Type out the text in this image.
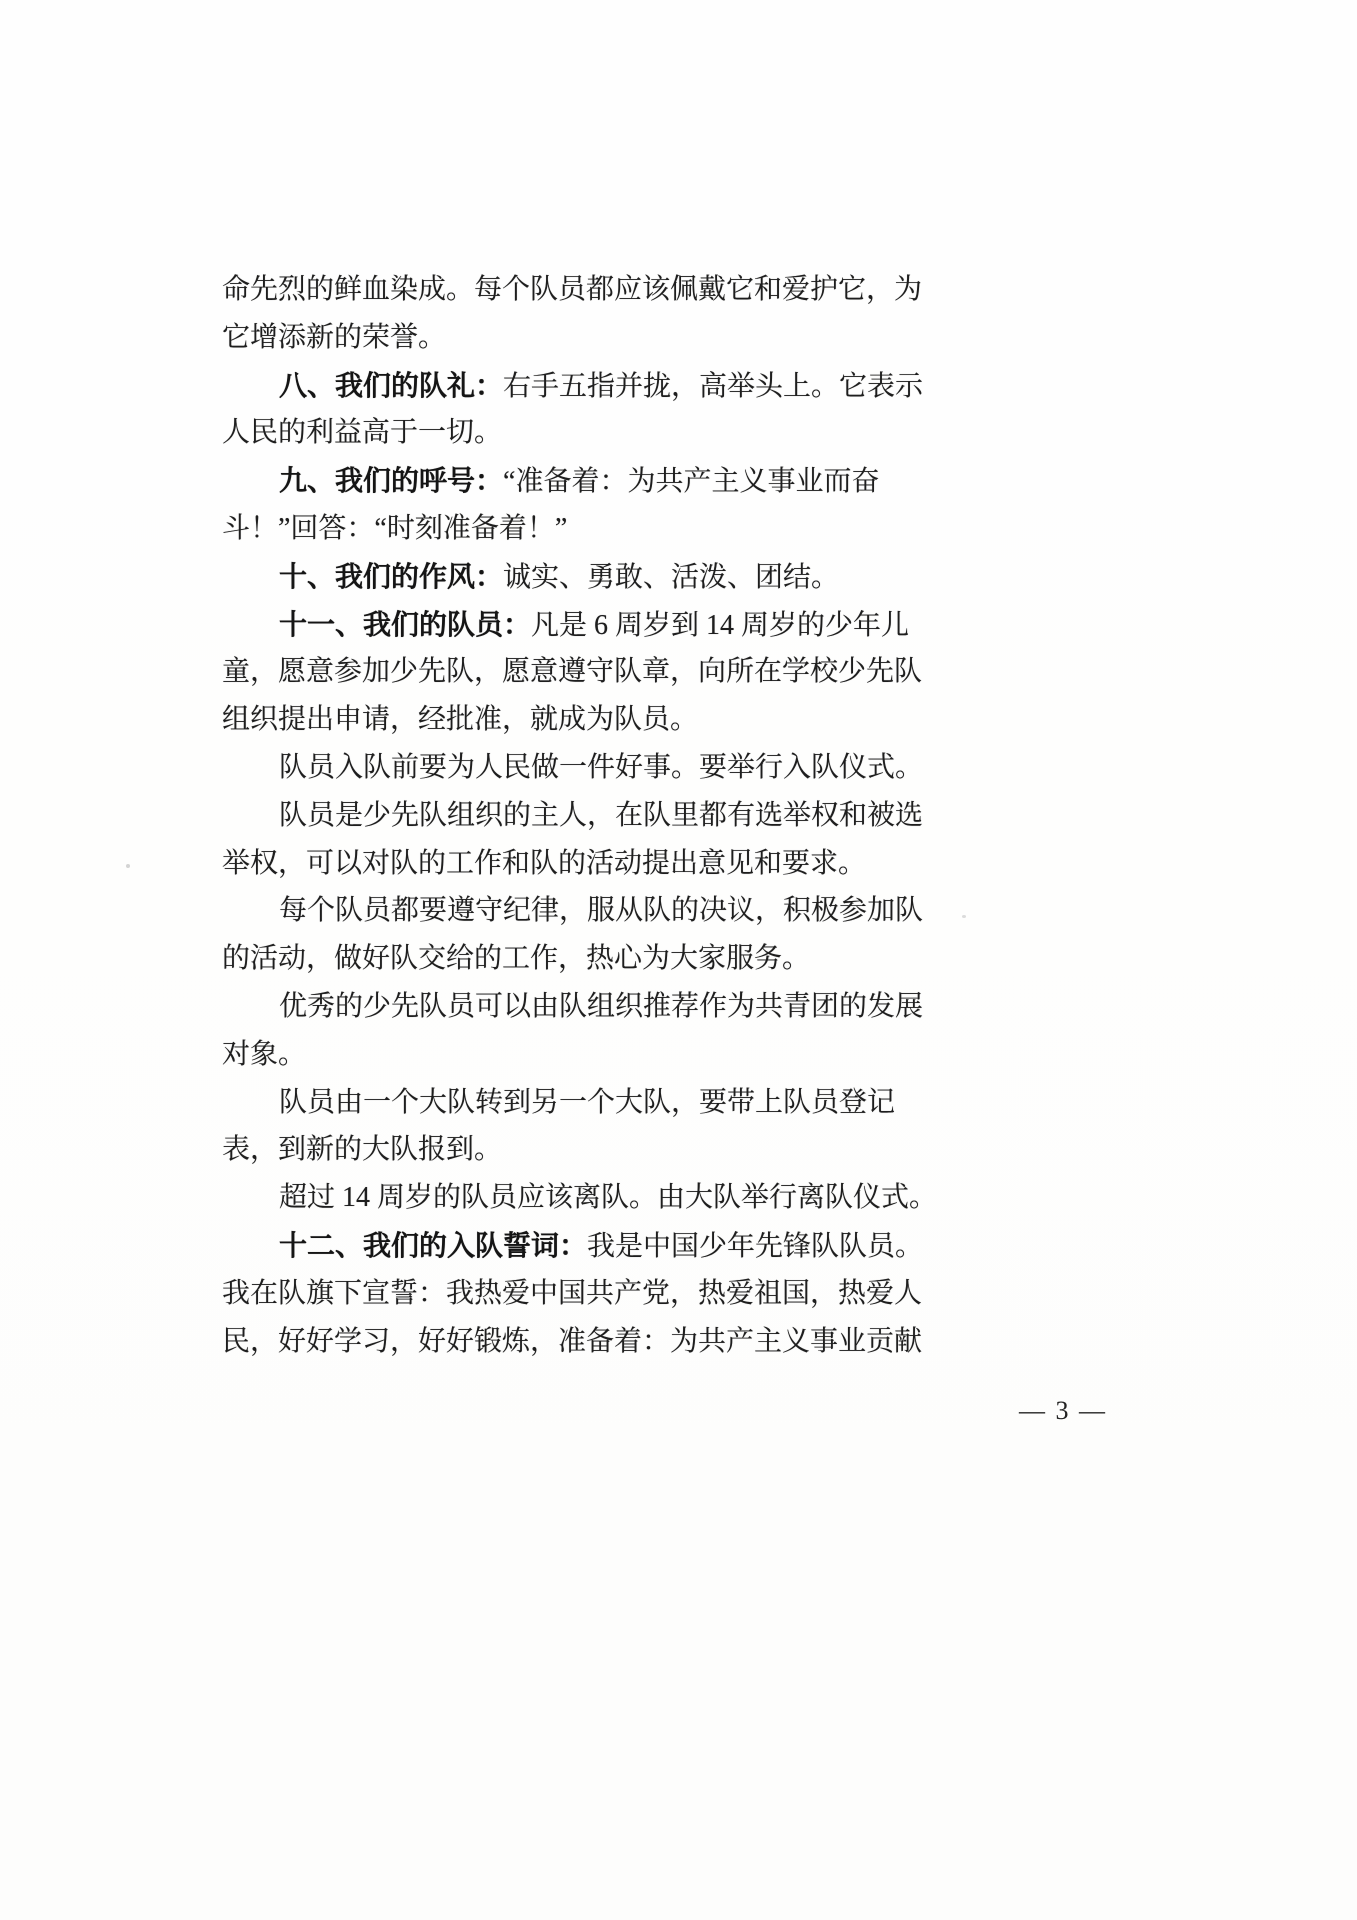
命先烈的鲜血染成。每个队员都应该佩戴它和爱护它，为
它增添新的荣誉。
八、我们的队礼：右手五指并拢，高举头上。它表示
人民的利益高于一切。
九、我们的呼号：“准备着：为共产主义事业而奋
斗！”回答：“时刻准备着！”
十、我们的作风：诚实、勇敢、活泼、团结。
十一、我们的队员：凡是 6 周岁到 14 周岁的少年儿
童，愿意参加少先队，愿意遵守队章，向所在学校少先队
组织提出申请，经批准，就成为队员。
队员入队前要为人民做一件好事。要举行入队仪式。
队员是少先队组织的主人，在队里都有选举权和被选
举权，可以对队的工作和队的活动提出意见和要求。
每个队员都要遵守纪律，服从队的决议，积极参加队
的活动，做好队交给的工作，热心为大家服务。
优秀的少先队员可以由队组织推荐作为共青团的发展
对象。
队员由一个大队转到另一个大队，要带上队员登记
表，到新的大队报到。
超过 14 周岁的队员应该离队。由大队举行离队仪式。
十二、我们的入队誓词：我是中国少年先锋队队员。
我在队旗下宣誓：我热爱中国共产党，热爱祖国，热爱人
民，好好学习，好好锻炼，准备着：为共产主义事业贡献
— 3 —
